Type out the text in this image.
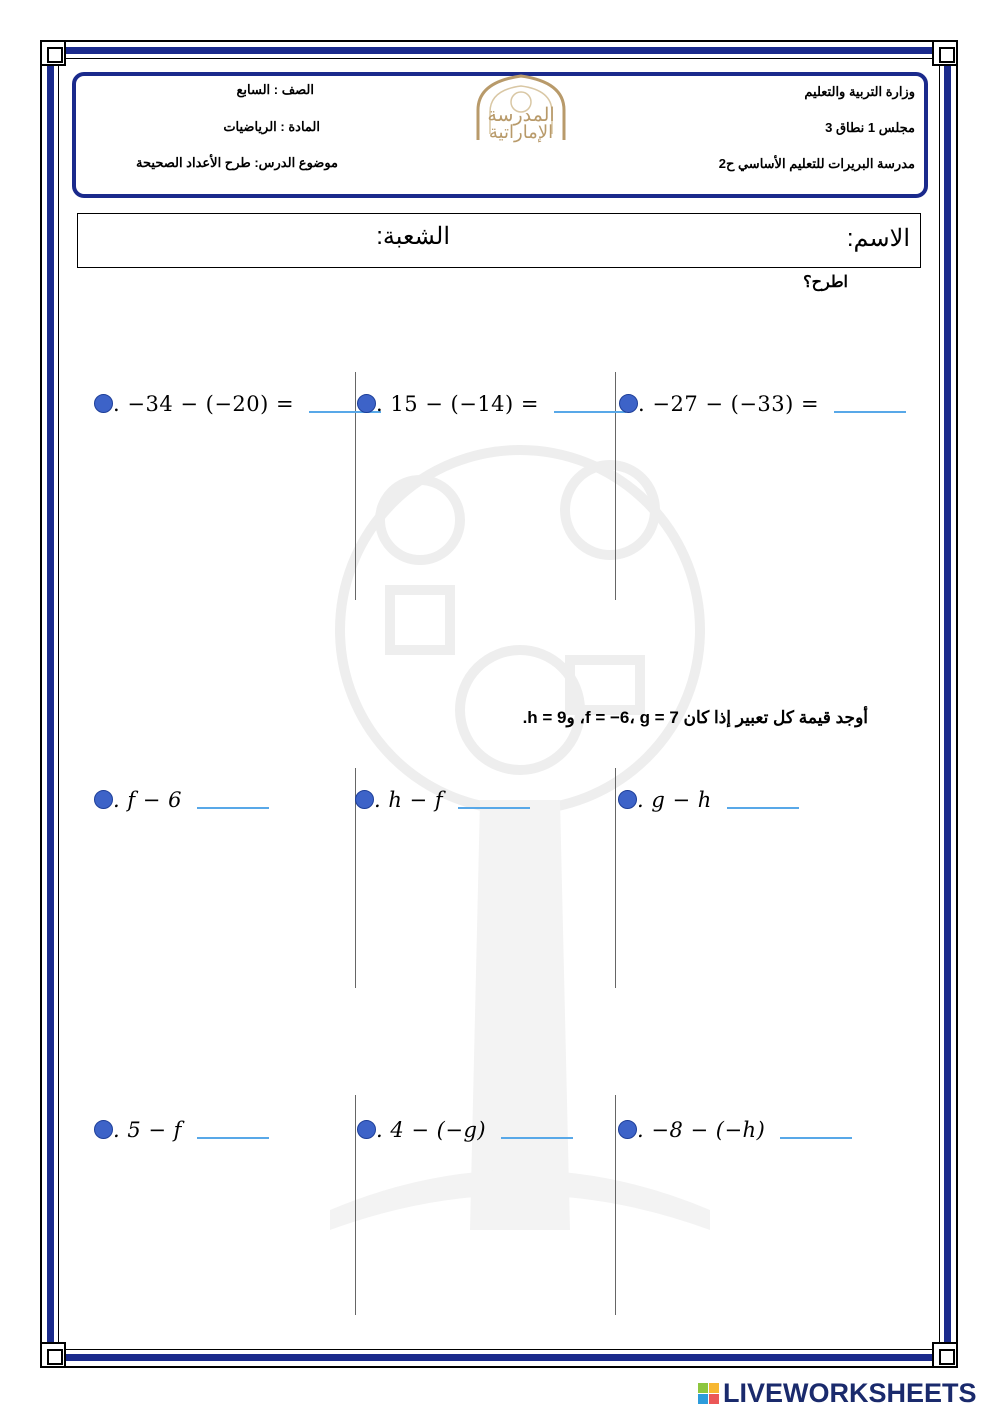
وزارة التربية والتعليم
مجلس 1 نطاق 3
مدرسة البريرات للتعليم الأساسي ح2
الصف : السابع
المادة : الرياضيات
موضوع الدرس: طرح الأعداد الصحيحة
المدرسة
الإماراتية
الاسم:
الشعبة:
اطرح؟
. −34 − (−20) =	. 15 − (−14) =	. −27 − (−33) =
أوجد قيمة كل تعبير إذا كان f = −6، g = 7، وh = 9.
. f − 6	. h − f	. g − h
. 5 − f	. 4 − (−g)	. −8 − (−h)
LIVEWORKSHEETS
